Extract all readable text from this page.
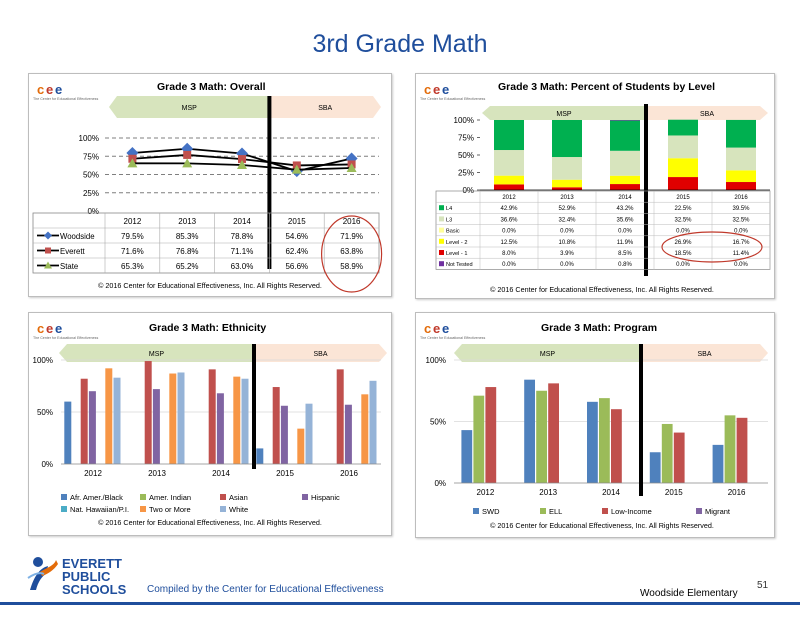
3rd Grade Math
c e e
The Center for Educational Effectiveness
Grade 3 Math: Overall
MSP	SBA
0%
25%
50%
75%
100%
2012	2013	2014	2015	2016
Woodside	79.5%	85.3%	78.8%	54.6%	71.9%
Everett	71.6%	76.8%	71.1%	62.4%	63.8%
State	65.3%	65.2%	63.0%	56.6%	58.9%
© 2016 Center for Educational Effectiveness, Inc. All Rights Reserved.
c e e
The Center for Educational Effectiveness
Grade 3 Math: Percent of Students by Level
MSP	SBA
0%
25%
50%
75%
100%
2012	2013	2014	2015	2016
L4	42.9%	52.9%	43.2%	22.5%	39.5%
L3	36.6%	32.4%	35.6%	32.5%	32.5%
Basic	0.0%	0.0%	0.0%	0.0%	0.0%
Level - 2	12.5%	10.8%	11.9%	26.9%	16.7%
Level - 1	8.0%	3.9%	8.5%	18.5%	11.4%
Not Tested	0.0%	0.0%	0.8%	0.0%	0.0%
© 2016 Center for Educational Effectiveness, Inc. All Rights Reserved.
c e e
The Center for Educational Effectiveness
Grade 3 Math: Ethnicity
MSP	SBA
0%
50%
100%
2012	2013	2014	2015	2016
Afr. Amer./Black	Amer. Indian	Asian	Hispanic
Nat. Hawaiian/P.I.	Two or More	White
© 2016 Center for Educational Effectiveness, Inc. All Rights Reserved.
c e e
The Center for Educational Effectiveness
Grade 3 Math: Program
MSP	SBA
0%
50%
100%
2012	2013	2014	2015	2016
SWD	ELL	Low-Income	Migrant
© 2016 Center for Educational Effectiveness, Inc. All Rights Reserved.
EVERETT
PUBLIC
SCHOOLS Compiled by the Center for Educational Effectiveness	51
Woodside Elementary
